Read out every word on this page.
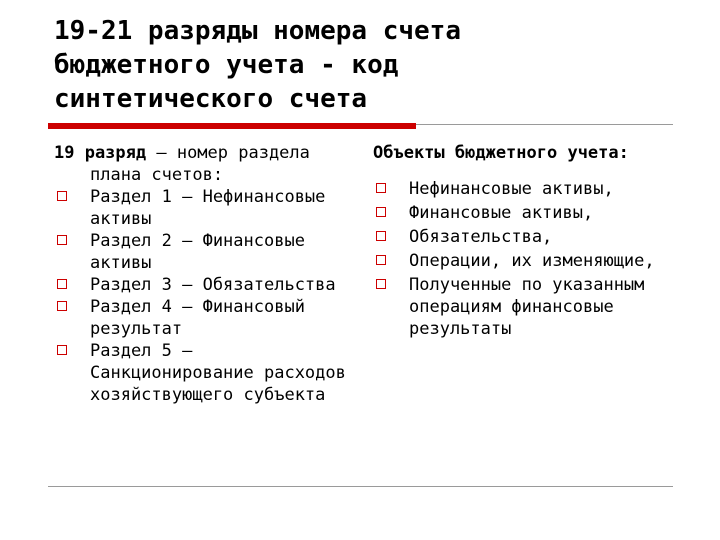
19-21 разряды номера счета
бюджетного учета - код
синтетического счета
19 разряд – номер раздела плана счетов:
Раздел 1 – Нефинансовые активы
Раздел 2 – Финансовые активы
Раздел 3 – Обязательства
Раздел 4 – Финансовый результат
Раздел 5 – Санкционирование расходов хозяйствующего субъекта
Объекты бюджетного учета:
Нефинансовые активы,
Финансовые активы,
Обязательства,
Операции, их изменяющие,
Полученные по указанным операциям финансовые результаты
